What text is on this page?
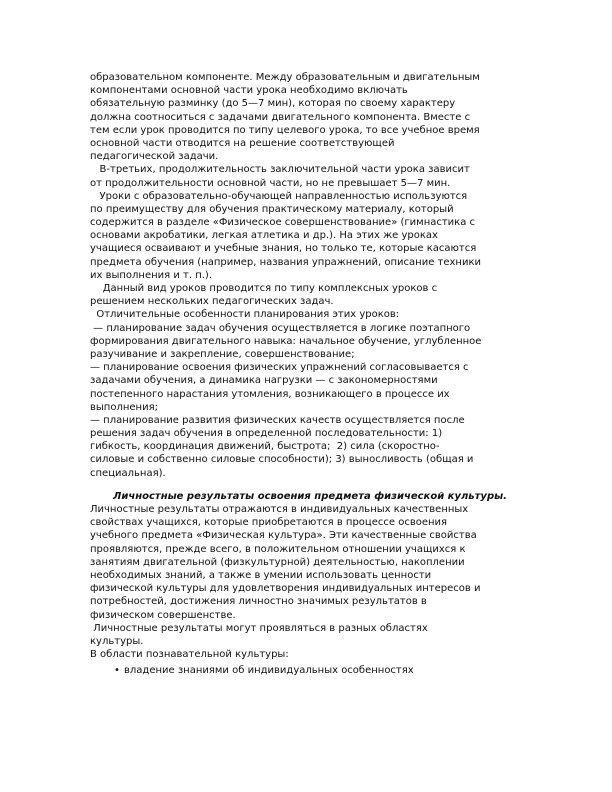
образовательном компоненте. Между образовательным и двигательным
компонентами основной части урока необходимо включать
обязательную разминку (до 5—7 мин), которая по своему характеру
должна соотноситься с задачами двигательного компонента. Вместе с
тем если урок проводится по типу целевого урока, то все учебное время
основной части отводится на решение соответствующей
педагогической задачи.
В-третьих, продолжительность заключительной части урока зависит
от продолжительности основной части, но не превышает 5—7 мин.
Уроки с образовательно-обучающей направленностью используются
по преимуществу для обучения практическому материалу, который
содержится в разделе «Физическое совершенствование» (гимнастика с
основами акробатики, легкая атлетика и др.). На этих же уроках
учащиеся осваивают и учебные знания, но только те, которые касаются
предмета обучения (например, названия упражнений, описание техники
их выполнения и т. п.).
Данный вид уроков проводится по типу комплексных уроков с
решением нескольких педагогических задач.
Отличительные особенности планирования этих уроков:
— планирование задач обучения осуществляется в логике поэтапного
формирования двигательного навыка: начальное обучение, углубленное
разучивание и закрепление, совершенствование;
— планирование освоения физических упражнений согласовывается с
задачами обучения, а динамика нагрузки — с закономерностями
постепенного нарастания утомления, возникающего в процессе их
выполнения;
— планирование развития физических качеств осуществляется после
решения задач обучения в определенной последовательности: 1)
гибкость, координация движений, быстрота;  2) сила (скоростно-
силовые и собственно силовые способности); 3) выносливость (общая и
специальная).
Личностные результаты освоения предмета физической культуры.
Личностные результаты отражаются в индивидуальных качественных
свойствах учащихся, которые приобретаются в процессе освоения
учебного предмета «Физическая культура». Эти качественные свойства
проявляются, прежде всего, в положительном отношении учащихся к
занятиям двигательной (физкультурной) деятельностью, накоплении
необходимых знаний, а также в умении использовать ценности
физической культуры для удовлетворения индивидуальных интересов и
потребностей, достижения личностно значимых результатов в
физическом совершенстве.
Личностные результаты могут проявляться в разных областях
культуры.
В области познавательной культуры:
• владение знаниями об индивидуальных особенностях
